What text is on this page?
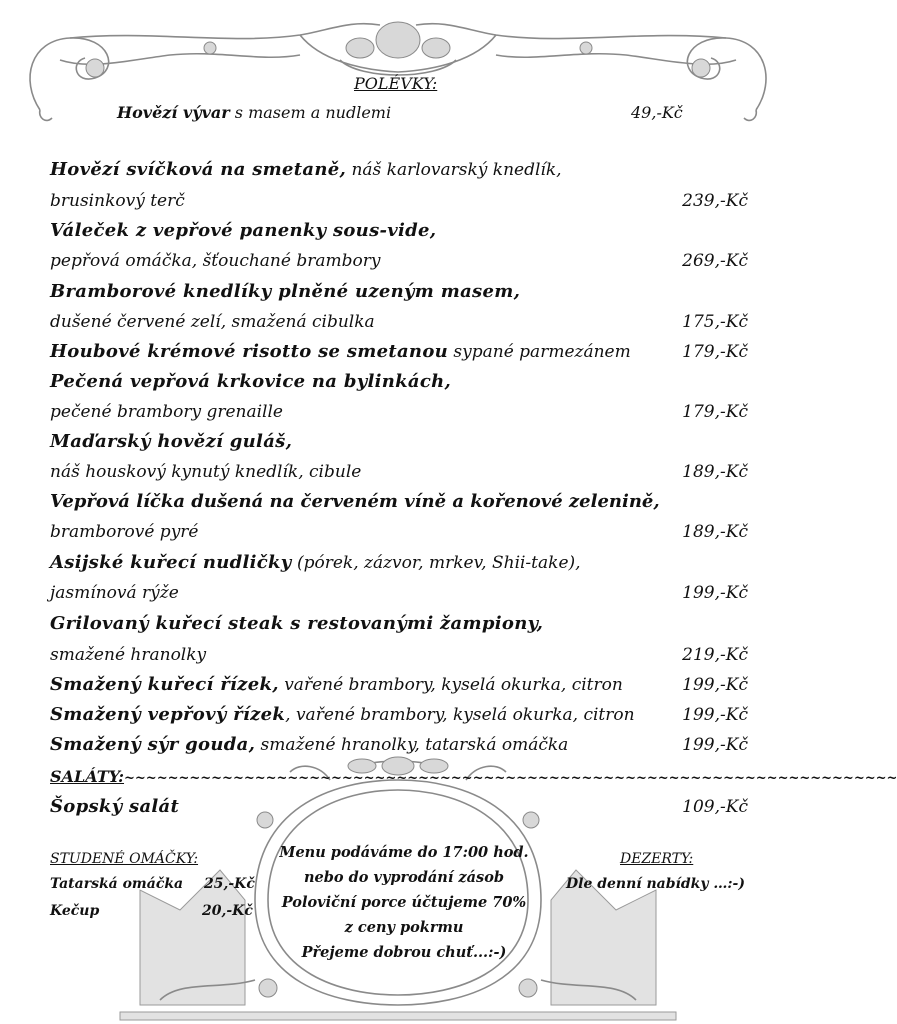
POLÉVKY:
Hovězí vývar s masem a nudlemi	49,-Kč
Hovězí svíčková na smetaně, náš karlovarský knedlík,
brusinkový terč	239,-Kč
Váleček z vepřové panenky sous-vide,
pepřová omáčka, šťouchané brambory	269,-Kč
Bramborové knedlíky plněné uzeným masem,
dušené červené zelí, smažená cibulka	175,-Kč
Houbové krémové risotto se smetanou sypané parmezánem	179,-Kč
Pečená vepřová krkovice na bylinkách,
pečené brambory grenaille	179,-Kč
Maďarský hovězí guláš,
náš houskový kynutý knedlík, cibule	189,-Kč
Vepřová líčka dušená na červeném víně a kořenové zelenině,
bramborové pyré	189,-Kč
Asijské kuřecí nudličky (pórek, zázvor, mrkev, Shii-take),
jasmínová rýže	199,-Kč
Grilovaný kuřecí steak s restovanými žampiony,
smažené hranolky	219,-Kč
Smažený kuřecí řízek, vařené brambory, kyselá okurka, citron	199,-Kč
Smažený vepřový řízek, vařené brambory, kyselá okurka, citron	199,-Kč
Smažený sýr gouda, smažené hranolky, tatarská omáčka	199,-Kč
SALÁTY:~~~~~~~~~~~~~~~~~~~~~~~~~~~~~~~~~~~~~~~~~~~~~~~~~~~~~~~~~~~~~~~~~~~~~~~
Šopský salát	109,-Kč
STUDENÉ OMÁČKY:
Tatarská omáčka 25,-Kč
Kečup	20,-Kč
Menu podáváme do 17:00 hod.
nebo do vyprodání zásob
Poloviční porce účtujeme 70%
z ceny pokrmu
Přejeme dobrou chuť...:-)
DEZERTY:
Dle denní nabídky …:-)
